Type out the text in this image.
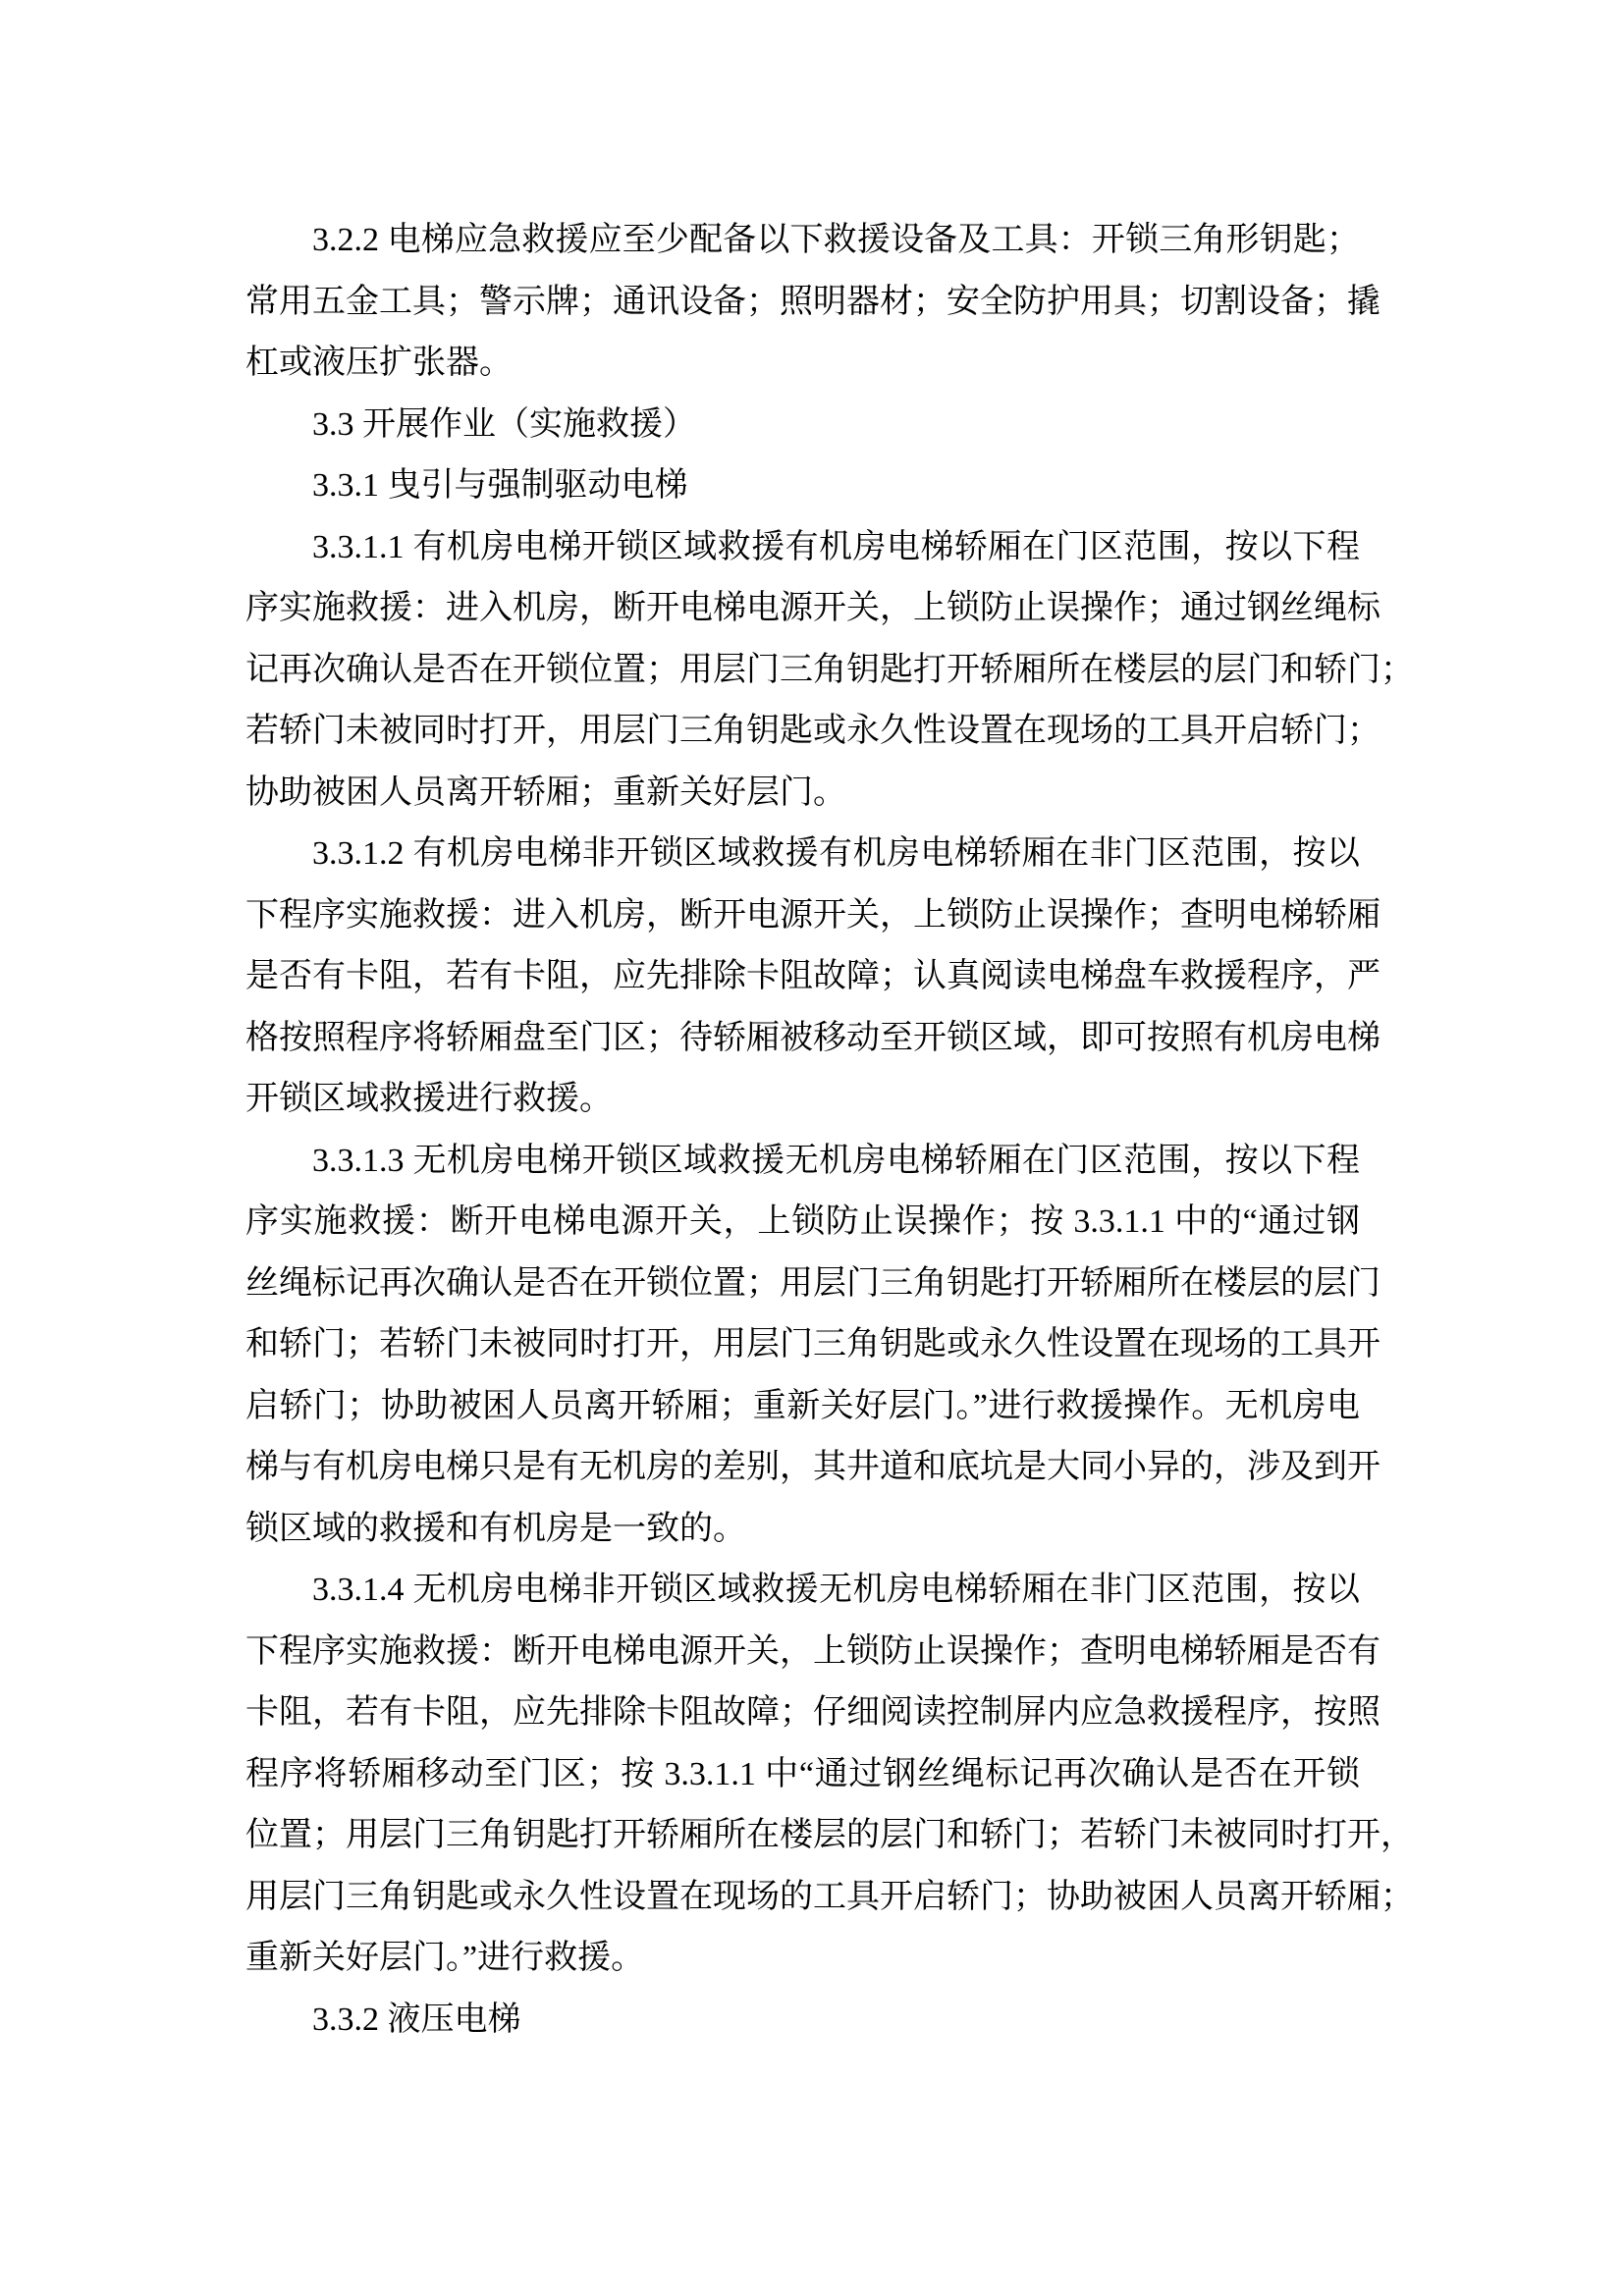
3.2.2 电梯应急救援应至少配备以下救援设备及工具：开锁三角形钥匙；
常用五金工具；警示牌；通讯设备；照明器材；安全防护用具；切割设备；撬
杠或液压扩张器。
3.3 开展作业（实施救援）
3.3.1 曳引与强制驱动电梯
3.3.1.1 有机房电梯开锁区域救援有机房电梯轿厢在门区范围，按以下程
序实施救援：进入机房，断开电梯电源开关，上锁防止误操作；通过钢丝绳标
记再次确认是否在开锁位置；用层门三角钥匙打开轿厢所在楼层的层门和轿门；
若轿门未被同时打开，用层门三角钥匙或永久性设置在现场的工具开启轿门；
协助被困人员离开轿厢；重新关好层门。
3.3.1.2 有机房电梯非开锁区域救援有机房电梯轿厢在非门区范围，按以
下程序实施救援：进入机房，断开电源开关，上锁防止误操作；查明电梯轿厢
是否有卡阻，若有卡阻，应先排除卡阻故障；认真阅读电梯盘车救援程序，严
格按照程序将轿厢盘至门区；待轿厢被移动至开锁区域，即可按照有机房电梯
开锁区域救援进行救援。
3.3.1.3 无机房电梯开锁区域救援无机房电梯轿厢在门区范围，按以下程
序实施救援：断开电梯电源开关，上锁防止误操作；按 3.3.1.1 中的“通过钢
丝绳标记再次确认是否在开锁位置；用层门三角钥匙打开轿厢所在楼层的层门
和轿门；若轿门未被同时打开，用层门三角钥匙或永久性设置在现场的工具开
启轿门；协助被困人员离开轿厢；重新关好层门。”进行救援操作。无机房电
梯与有机房电梯只是有无机房的差别，其井道和底坑是大同小异的，涉及到开
锁区域的救援和有机房是一致的。
3.3.1.4 无机房电梯非开锁区域救援无机房电梯轿厢在非门区范围，按以
下程序实施救援：断开电梯电源开关，上锁防止误操作；查明电梯轿厢是否有
卡阻，若有卡阻，应先排除卡阻故障；仔细阅读控制屏内应急救援程序，按照
程序将轿厢移动至门区；按 3.3.1.1 中“通过钢丝绳标记再次确认是否在开锁
位置；用层门三角钥匙打开轿厢所在楼层的层门和轿门；若轿门未被同时打开，
用层门三角钥匙或永久性设置在现场的工具开启轿门；协助被困人员离开轿厢；
重新关好层门。”进行救援。
3.3.2 液压电梯
